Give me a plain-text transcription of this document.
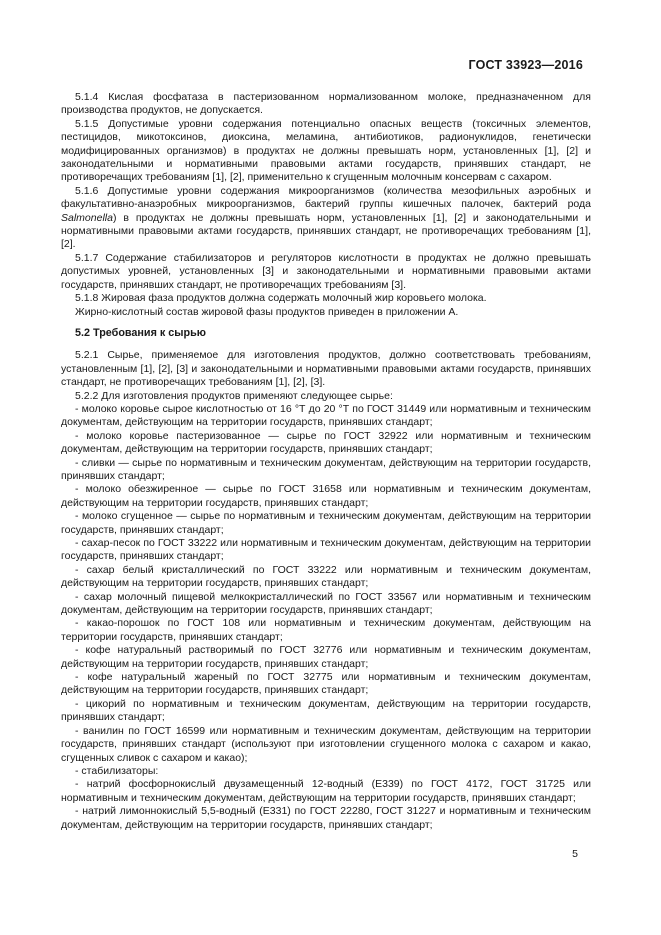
ГОСТ 33923—2016

5.1.4 Кислая фосфатаза в пастеризованном нормализованном молоке, предназначенном для производства продуктов, не допускается.

5.1.5 Допустимые уровни содержания потенциально опасных веществ (токсичных элементов, пестицидов, микотоксинов, диоксина, меламина, антибиотиков, радионуклидов, генетически модифицированных организмов) в продуктах не должны превышать норм, установленных [1], [2] и законодательными и нормативными правовыми актами государств, принявших стандарт, не противоречащих требованиям [1], [2], применительно к сгущенным молочным консервам с сахаром.

5.1.6 Допустимые уровни содержания микроорганизмов (количества мезофильных аэробных и факультативно-анаэробных микроорганизмов, бактерий группы кишечных палочек, бактерий рода Salmonella) в продуктах не должны превышать норм, установленных [1], [2] и законодательными и нормативными правовыми актами государств, принявших стандарт, не противоречащих требованиям [1], [2].

5.1.7 Содержание стабилизаторов и регуляторов кислотности в продуктах не должно превышать допустимых уровней, установленных [3] и законодательными и нормативными правовыми актами государств, принявших стандарт, не противоречащих требованиям [3].

5.1.8 Жировая фаза продуктов должна содержать молочный жир коровьего молока.

Жирно-кислотный состав жировой фазы продуктов приведен в приложении А.

5.2 Требования к сырью

5.2.1 Сырье, применяемое для изготовления продуктов, должно соответствовать требованиям, установленным [1], [2], [3] и законодательными и нормативными правовыми актами государств, принявших стандарт, не противоречащих требованиям [1], [2], [3].

5.2.2 Для изготовления продуктов применяют следующее сырье:

- молоко коровье сырое кислотностью от 16 °Т до 20 °Т по ГОСТ 31449 или нормативным и техническим документам, действующим на территории государств, принявших стандарт;

- молоко коровье пастеризованное — сырье по ГОСТ 32922 или нормативным и техническим документам, действующим на территории государств, принявших стандарт;

- сливки — сырье по нормативным и техническим документам, действующим на территории государств, принявших стандарт;

- молоко обезжиренное — сырье по ГОСТ 31658 или нормативным и техническим документам, действующим на территории государств, принявших стандарт;

- молоко сгущенное — сырье по нормативным и техническим документам, действующим на территории государств, принявших стандарт;

- сахар-песок по ГОСТ 33222 или нормативным и техническим документам, действующим на территории государств, принявших стандарт;

- сахар белый кристаллический по ГОСТ 33222 или нормативным и техническим документам, действующим на территории государств, принявших стандарт;

- сахар молочный пищевой мелкокристаллический по ГОСТ 33567 или нормативным и техническим документам, действующим на территории государств, принявших стандарт;

- какао-порошок по ГОСТ 108 или нормативным и техническим документам, действующим на территории государств, принявших стандарт;

- кофе натуральный растворимый по ГОСТ 32776 или нормативным и техническим документам, действующим на территории государств, принявших стандарт;

- кофе натуральный жареный по ГОСТ 32775 или нормативным и техническим документам, действующим на территории государств, принявших стандарт;

- цикорий по нормативным и техническим документам, действующим на территории государств, принявших стандарт;

- ванилин по ГОСТ 16599 или нормативным и техническим документам, действующим на территории государств, принявших стандарт (используют при изготовлении сгущенного молока с сахаром и какао, сгущенных сливок с сахаром и какао);

- стабилизаторы:

- натрий фосфорнокислый двузамещенный 12-водный (Е339) по ГОСТ 4172, ГОСТ 31725 или нормативным и техническим документам, действующим на территории государств, принявших стандарт;

- натрий лимоннокислый 5,5-водный (Е331) по ГОСТ 22280, ГОСТ 31227 и нормативным и техническим документам, действующим на территории государств, принявших стандарт;

5
